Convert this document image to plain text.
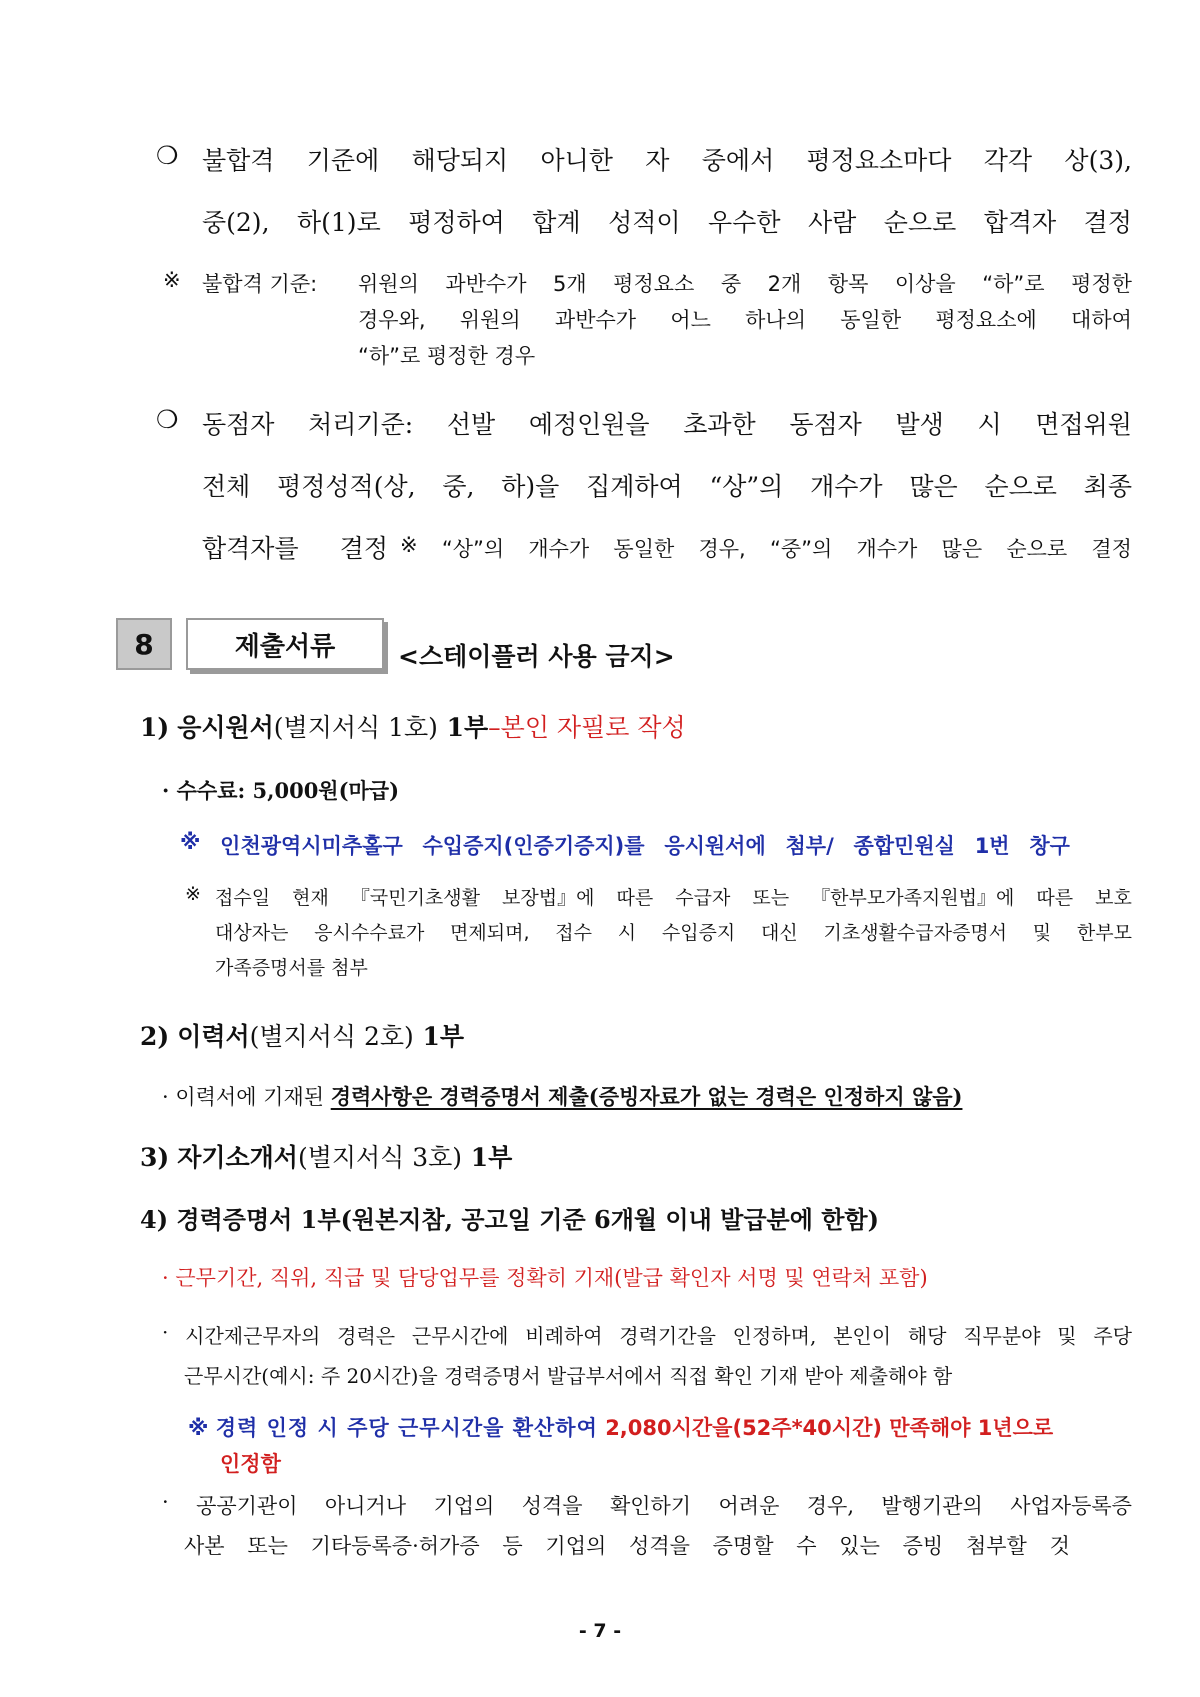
❍ 불합격 기준에 해당되지 아니한 자 중에서 평정요소마다 각각 상(3),
중(2), 하(1)로 평정하여 합계 성적이 우수한 사람 순으로 합격자 결정
※ 불합격 기준: 위원의 과반수가 5개 평정요소 중 2개 항목 이상을 “하”로 평정한
경우와, 위원의 과반수가 어느 하나의 동일한 평정요소에 대하여
“하”로 평정한 경우
❍ 동점자 처리기준: 선발 예정인원을 초과한 동점자 발생 시 면접위원
전체 평정성적(상, 중, 하)을 집계하여 “상”의 개수가 많은 순으로 최종
합격자를 결정 ※ “상”의 개수가 동일한 경우, “중”의 개수가 많은 순으로 결정
8	제출서류	<스테이플러 사용 금지>
1) 응시원서(별지서식 1호) 1부–본인 자필로 작성
· 수수료: 5,000원(마급)
※ 인천광역시미추홀구 수입증지(인증기증지)를 응시원서에 첨부/ 종합민원실 1번 창구
※ 접수일 현재 『국민기초생활 보장법』에 따른 수급자 또는 『한부모가족지원법』에 따른 보호
대상자는 응시수수료가 면제되며, 접수 시 수입증지 대신 기초생활수급자증명서 및 한부모
가족증명서를 첨부
2) 이력서(별지서식 2호) 1부
· 이력서에 기재된 경력사항은 경력증명서 제출(증빙자료가 없는 경력은 인정하지 않음)
3) 자기소개서(별지서식 3호) 1부
4) 경력증명서 1부(원본지참, 공고일 기준 6개월 이내 발급분에 한함)
· 근무기간, 직위, 직급 및 담당업무를 정확히 기재(발급 확인자 서명 및 연락처 포함)
· 시간제근무자의 경력은 근무시간에 비례하여 경력기간을 인정하며, 본인이 해당 직무분야 및 주당
근무시간(예시: 주 20시간)을 경력증명서 발급부서에서 직접 확인 기재 받아 제출해야 함
※ 경력 인정 시 주당 근무시간을 환산하여 2,080시간을(52주*40시간) 만족해야 1년으로
인정함
· 공공기관이 아니거나 기업의 성격을 확인하기 어려운 경우, 발행기관의 사업자등록증
사본 또는 기타등록증·허가증 등 기업의 성격을 증명할 수 있는 증빙 첨부할 것
- 7 -
